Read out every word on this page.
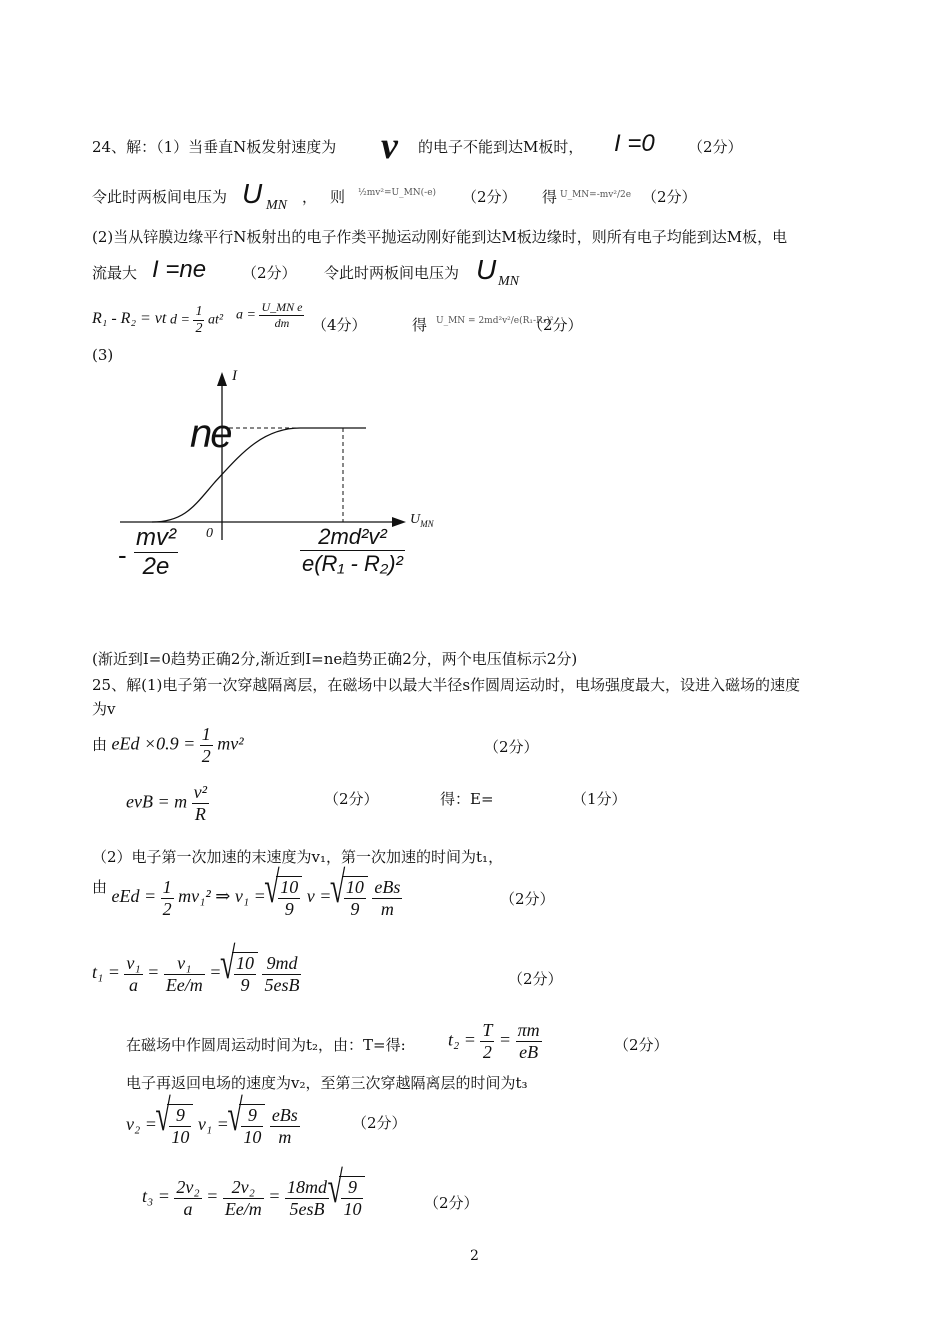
24、解：（1）当垂直N板发射速度为 v 的电子不能到达M板时， I =0 （2分）
令此时两板间电压为 U MN ， 则 ½mv²=U_MN(-e) （2分） 得 U_MN=-mv²/2e （2分）
(2)当从锌膜边缘平行N板射出的电子作类平抛运动刚好能到达M板边缘时，则所有电子均能到达M板，电
流最大 I =ne （2分） 令此时两板间电压为 U MN
R₁ - R₂ = vt $d = \frac{1}{2} at^2$ $a = \frac{\text{U\_MN e}}{dm} (4$分）	得 U_MN = 2md²v²/e(R₁-R₂)²
（2分）
(3)
I
$U_{MN}$
ne
0
- $\frac{\text{mv²}}{2e}$	$\frac{\text{2md²v²}}{\text{e(R₁ - R₂)²}}$
(渐近到I=0趋势正确2分,渐近到I=ne趋势正确2分，两个电压值标示2分)
25、解(1)电子第一次穿越隔离层，在磁场中以最大半径s作圆周运动时，电场强度最大，设进入磁场的速度
为v
由 eEd $\times 0.9 = \frac{1}{2} mv^2$	（2分）
evB = m $\frac{\text{v²}}{R}$	（2分）	得：E=	（1分）
（2）电子第一次加速的末速度为v₁，第一次加速的时间为t₁，
$^由$ eEd = $\frac{1}{2} mv_1^2$ ⇒ v₁ = √ $\frac{10}{9}$ v = √ $\frac{10}{9}$
$\frac{\text{eBs}}{m}$	（2分）
$t_1 = \frac{\text{v₁}}{a} = \frac{\text{v₁}}{Ee/m}$ = √ $\frac{10}{9}$
$\frac{9md}{\text{5esB}}$	（2分）
在磁场中作圆周运动时间为t₂，由：T=得: $t_2 = \frac{T}{2} = \frac{\pi m}{eB}$	（2分）
电子再返回电场的速度为v₂，至第三次穿越隔离层的时间为t₃
v₂ = √ $\frac{9}{10} v_1$ = √ $\frac{9}{10}$
$\frac{\text{eBs}}{m}$	（2分）
$t_3 = \frac{\text{2v₂}}{a} = \frac{\text{2v₂}}{Ee/m} = \frac{18md}{\text{5esB}}$
√ $\frac{9}{10}$	（2分）
2
